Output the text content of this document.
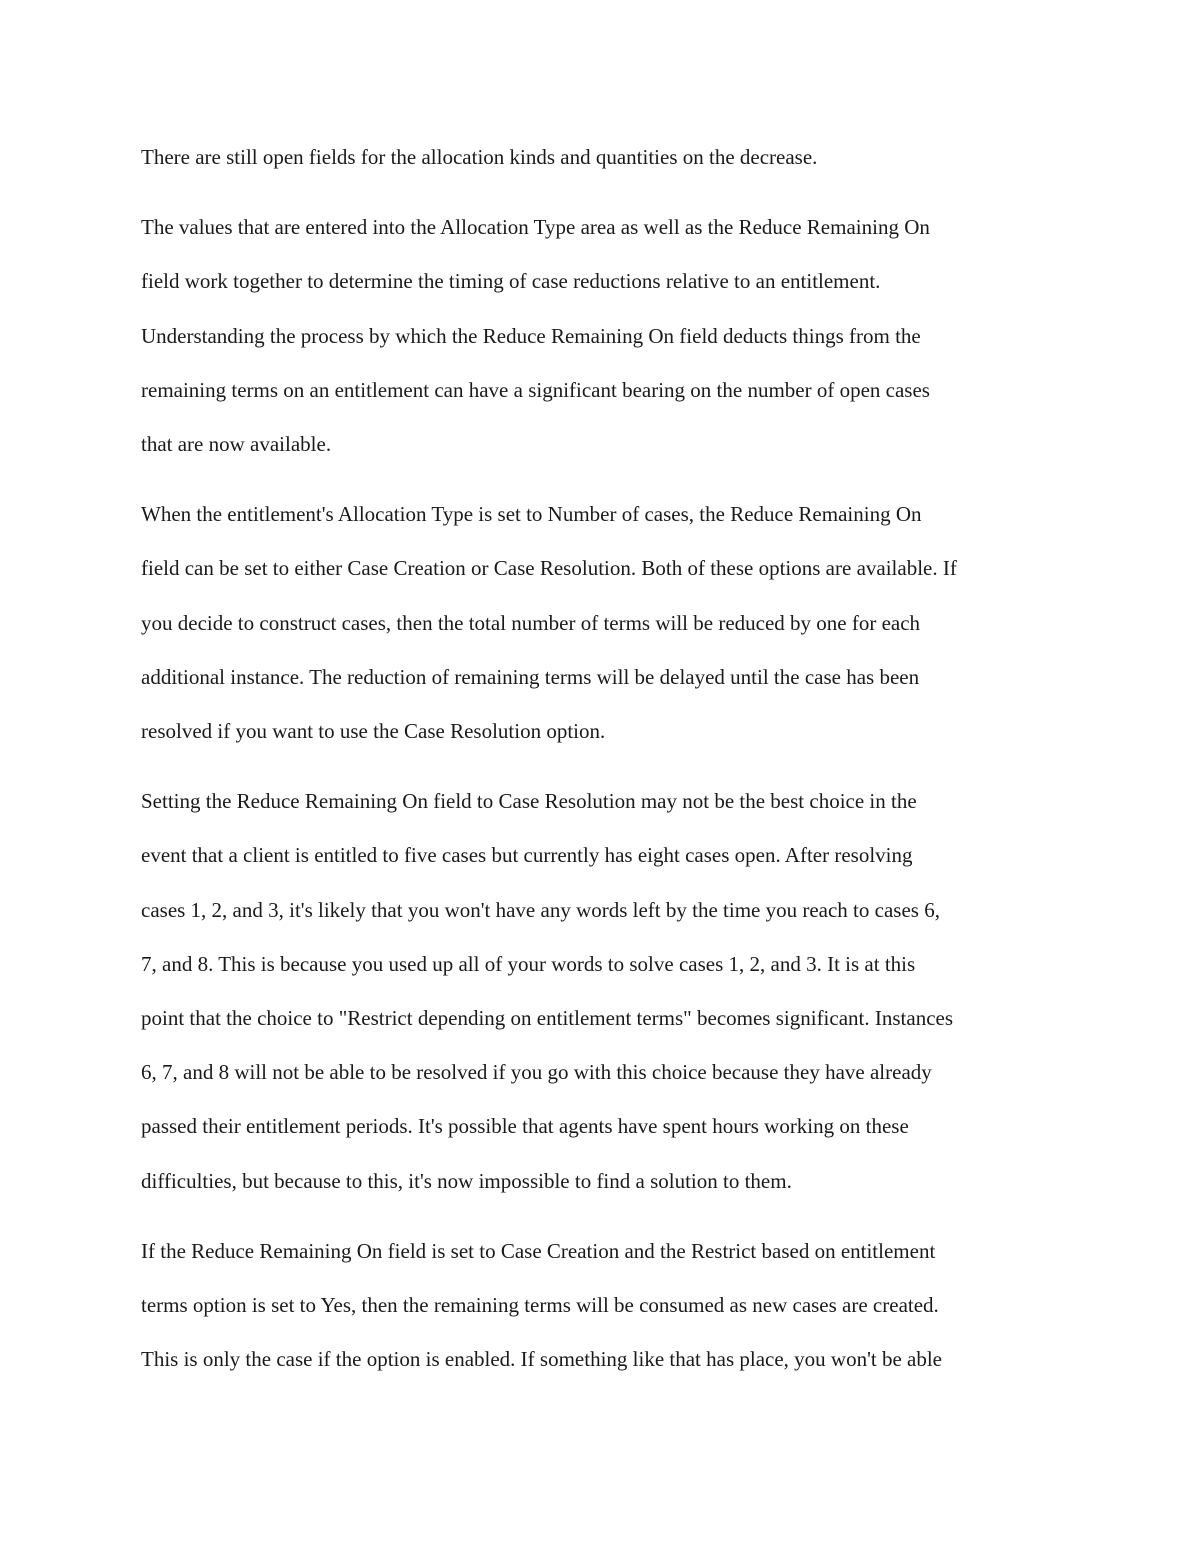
There are still open fields for the allocation kinds and quantities on the decrease.

The values that are entered into the Allocation Type area as well as the Reduce Remaining On
field work together to determine the timing of case reductions relative to an entitlement.
Understanding the process by which the Reduce Remaining On field deducts things from the
remaining terms on an entitlement can have a significant bearing on the number of open cases
that are now available.

When the entitlement's Allocation Type is set to Number of cases, the Reduce Remaining On
field can be set to either Case Creation or Case Resolution. Both of these options are available. If
you decide to construct cases, then the total number of terms will be reduced by one for each
additional instance. The reduction of remaining terms will be delayed until the case has been
resolved if you want to use the Case Resolution option.

Setting the Reduce Remaining On field to Case Resolution may not be the best choice in the
event that a client is entitled to five cases but currently has eight cases open. After resolving
cases 1, 2, and 3, it's likely that you won't have any words left by the time you reach to cases 6,
7, and 8. This is because you used up all of your words to solve cases 1, 2, and 3. It is at this
point that the choice to "Restrict depending on entitlement terms" becomes significant. Instances
6, 7, and 8 will not be able to be resolved if you go with this choice because they have already
passed their entitlement periods. It's possible that agents have spent hours working on these
difficulties, but because to this, it's now impossible to find a solution to them.

If the Reduce Remaining On field is set to Case Creation and the Restrict based on entitlement
terms option is set to Yes, then the remaining terms will be consumed as new cases are created.
This is only the case if the option is enabled. If something like that has place, you won't be able
